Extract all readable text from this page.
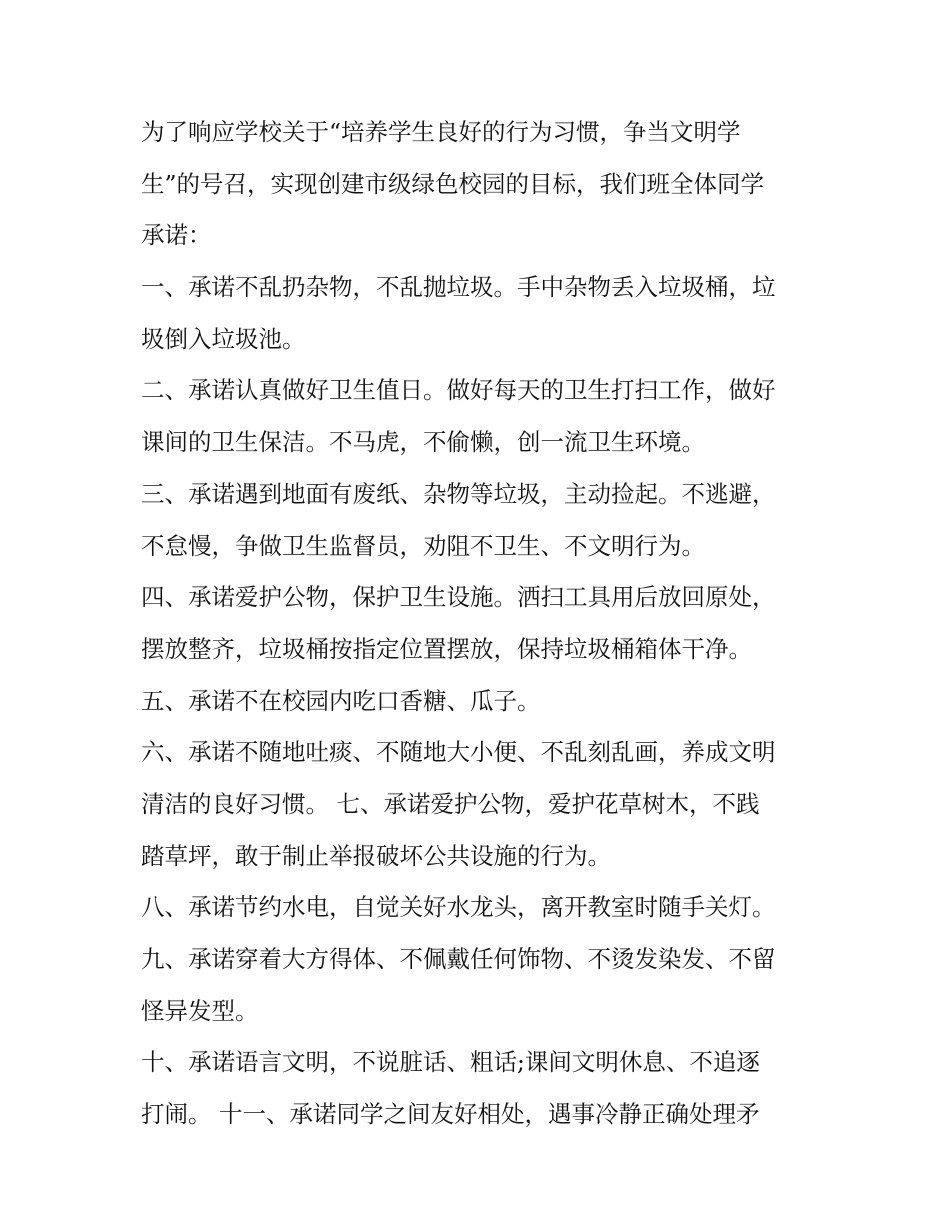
为了响应学校关于“培养学生良好的行为习惯，争当文明学
生”的号召，实现创建市级绿色校园的目标，我们班全体同学
承诺：
一、承诺不乱扔杂物，不乱抛垃圾。手中杂物丢入垃圾桶，垃
圾倒入垃圾池。
二、承诺认真做好卫生值日。做好每天的卫生打扫工作，做好
课间的卫生保洁。不马虎，不偷懒，创一流卫生环境。
三、承诺遇到地面有废纸、杂物等垃圾，主动捡起。不逃避，
不怠慢，争做卫生监督员，劝阻不卫生、不文明行为。
四、承诺爱护公物，保护卫生设施。洒扫工具用后放回原处，
摆放整齐，垃圾桶按指定位置摆放，保持垃圾桶箱体干净。
五、承诺不在校园内吃口香糖、瓜子。
六、承诺不随地吐痰、不随地大小便、不乱刻乱画，养成文明
清洁的良好习惯。 七、承诺爱护公物，爱护花草树木，不践
踏草坪，敢于制止举报破坏公共设施的行为。
八、承诺节约水电，自觉关好水龙头，离开教室时随手关灯。
九、承诺穿着大方得体、不佩戴任何饰物、不烫发染发、不留
怪异发型。
十、承诺语言文明，不说脏话、粗话;课间文明休息、不追逐
打闹。 十一、承诺同学之间友好相处，遇事冷静正确处理矛
